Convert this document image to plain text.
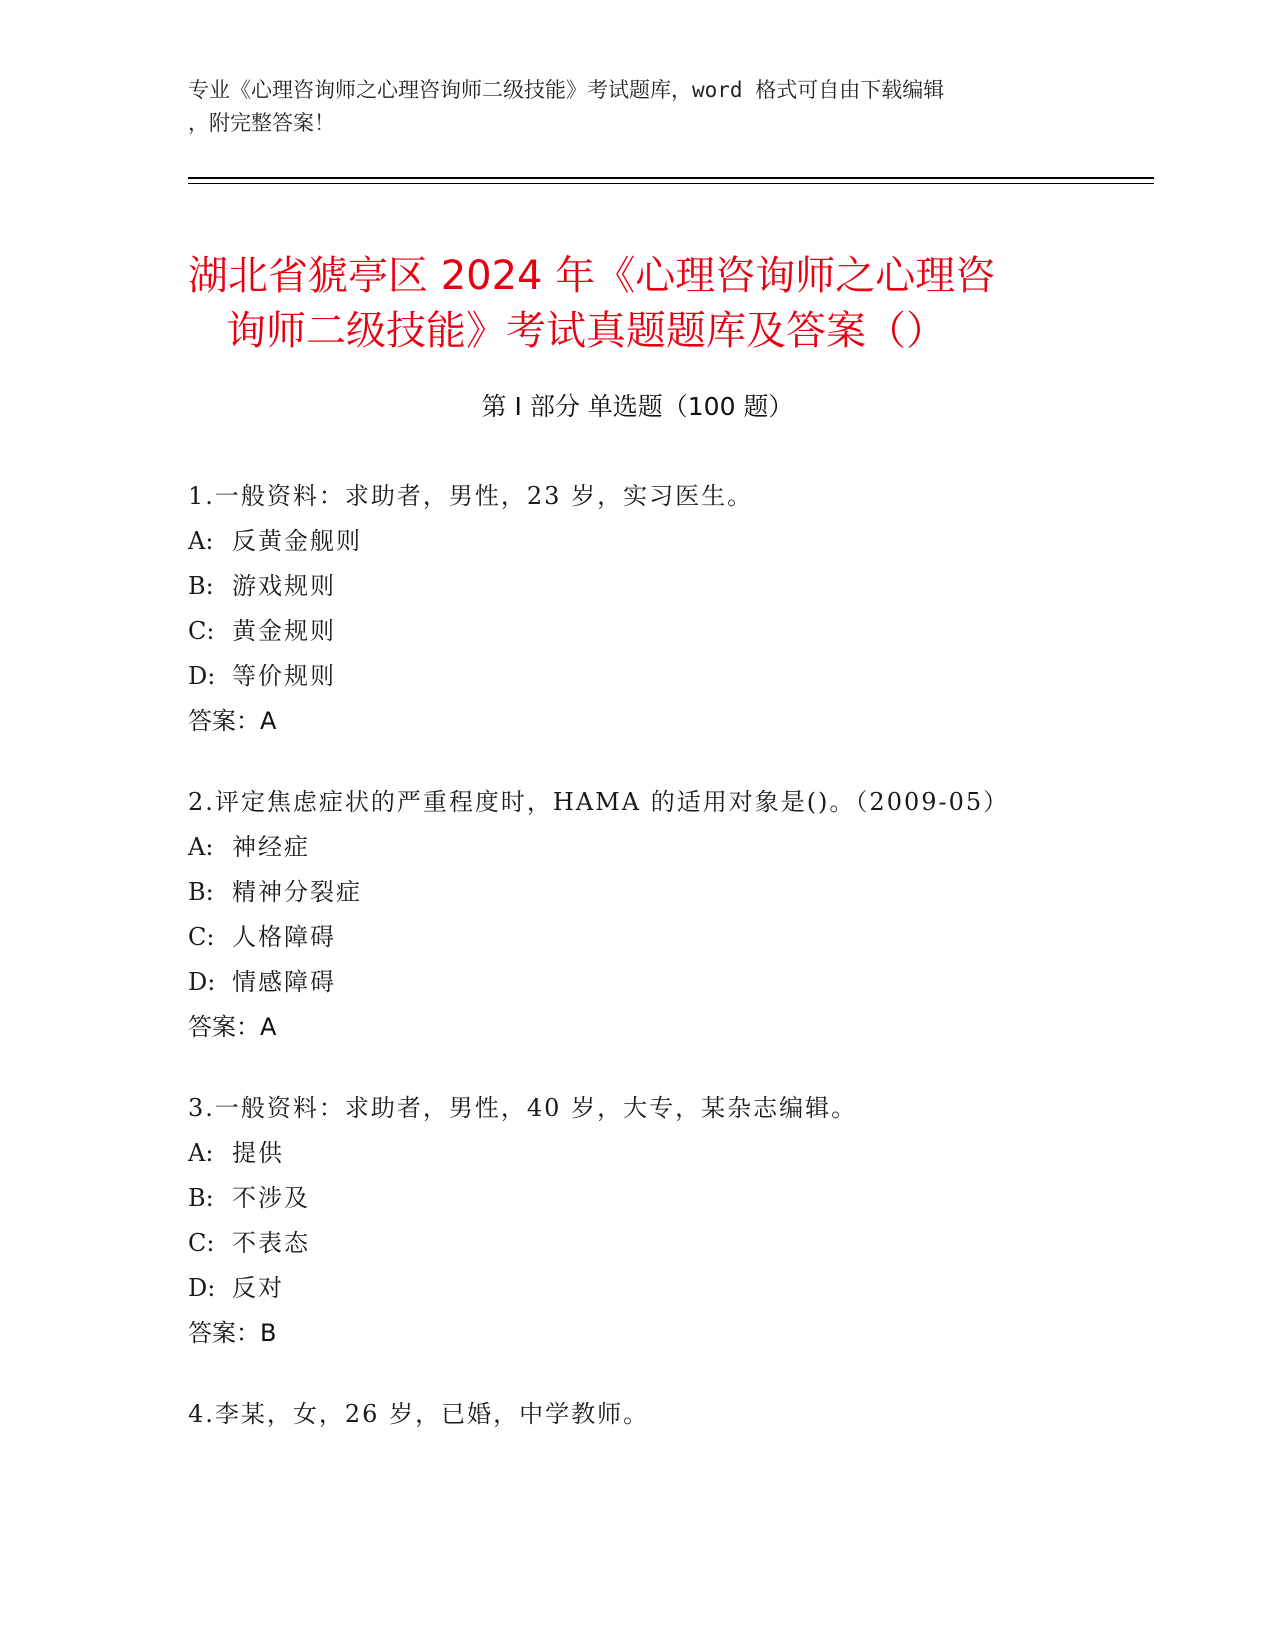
专业《心理咨询师之心理咨询师二级技能》考试题库，word 格式可自由下载编辑
，附完整答案！
湖北省猇亭区 2024 年《心理咨询师之心理咨
询师二级技能》考试真题题库及答案（）
第 I 部分 单选题（100 题）
1.一般资料：求助者，男性，23 岁，实习医生。
A: 反黄金舰则
B: 游戏规则
C: 黄金规则
D: 等价规则
答案：A
2.评定焦虑症状的严重程度时，HAMA 的适用对象是()。（2009-05）
A: 神经症
B: 精神分裂症
C: 人格障碍
D: 情感障碍
答案：A
3.一般资料：求助者，男性，40 岁，大专，某杂志编辑。
A: 提供
B: 不涉及
C: 不表态
D: 反对
答案：B
4.李某，女，26 岁，已婚，中学教师。
